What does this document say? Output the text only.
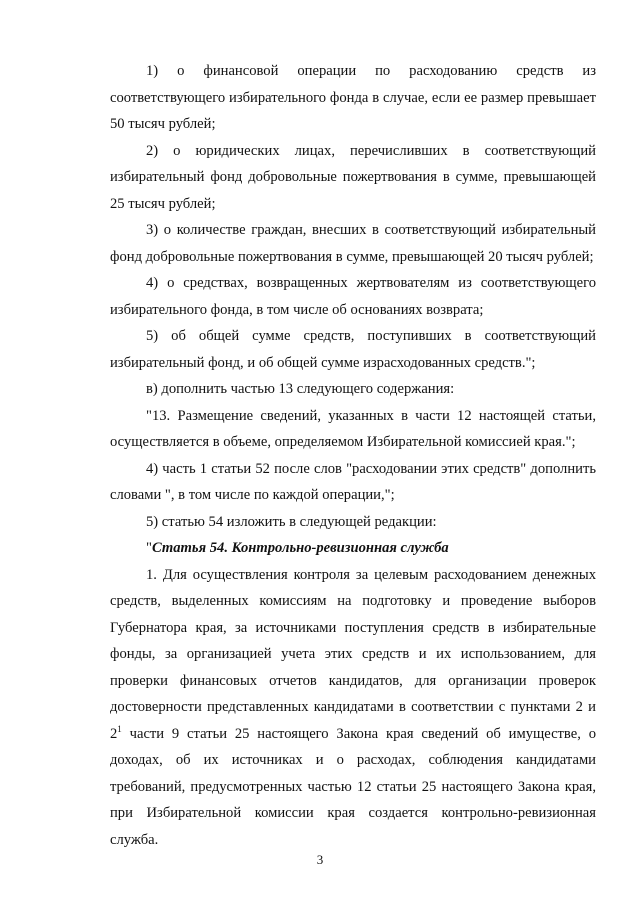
1) о финансовой операции по расходованию средств из соответствующего избирательного фонда в случае, если ее размер превышает 50 тысяч рублей;

2) о юридических лицах, перечисливших в соответствующий избирательный фонд добровольные пожертвования в сумме, превышающей 25 тысяч рублей;

3) о количестве граждан, внесших в соответствующий избирательный фонд добровольные пожертвования в сумме, превышающей 20 тысяч рублей;

4) о средствах, возвращенных жертвователям из соответствующего избирательного фонда, в том числе об основаниях возврата;

5) об общей сумме средств, поступивших в соответствующий избирательный фонд, и об общей сумме израсходованных средств.";

в) дополнить частью 13 следующего содержания:

"13. Размещение сведений, указанных в части 12 настоящей статьи, осуществляется в объеме, определяемом Избирательной комиссией края.";

4) часть 1 статьи 52 после слов "расходовании этих средств" дополнить словами ", в том числе по каждой операции,";

5) статью 54 изложить в следующей редакции:

"Статья 54. Контрольно-ревизионная служба

1. Для осуществления контроля за целевым расходованием денежных средств, выделенных комиссиям на подготовку и проведение выборов Губернатора края, за источниками поступления средств в избирательные фонды, за организацией учета этих средств и их использованием, для проверки финансовых отчетов кандидатов, для организации проверок достоверности представленных кандидатами в соответствии с пунктами 2 и $2^1$ части 9 статьи 25 настоящего Закона края сведений об имуществе, о доходах, об их источниках и о расходах, соблюдения кандидатами требований, предусмотренных частью 12 статьи 25 настоящего Закона края, при Избирательной комиссии края создается контрольно-ревизионная служба.

3
